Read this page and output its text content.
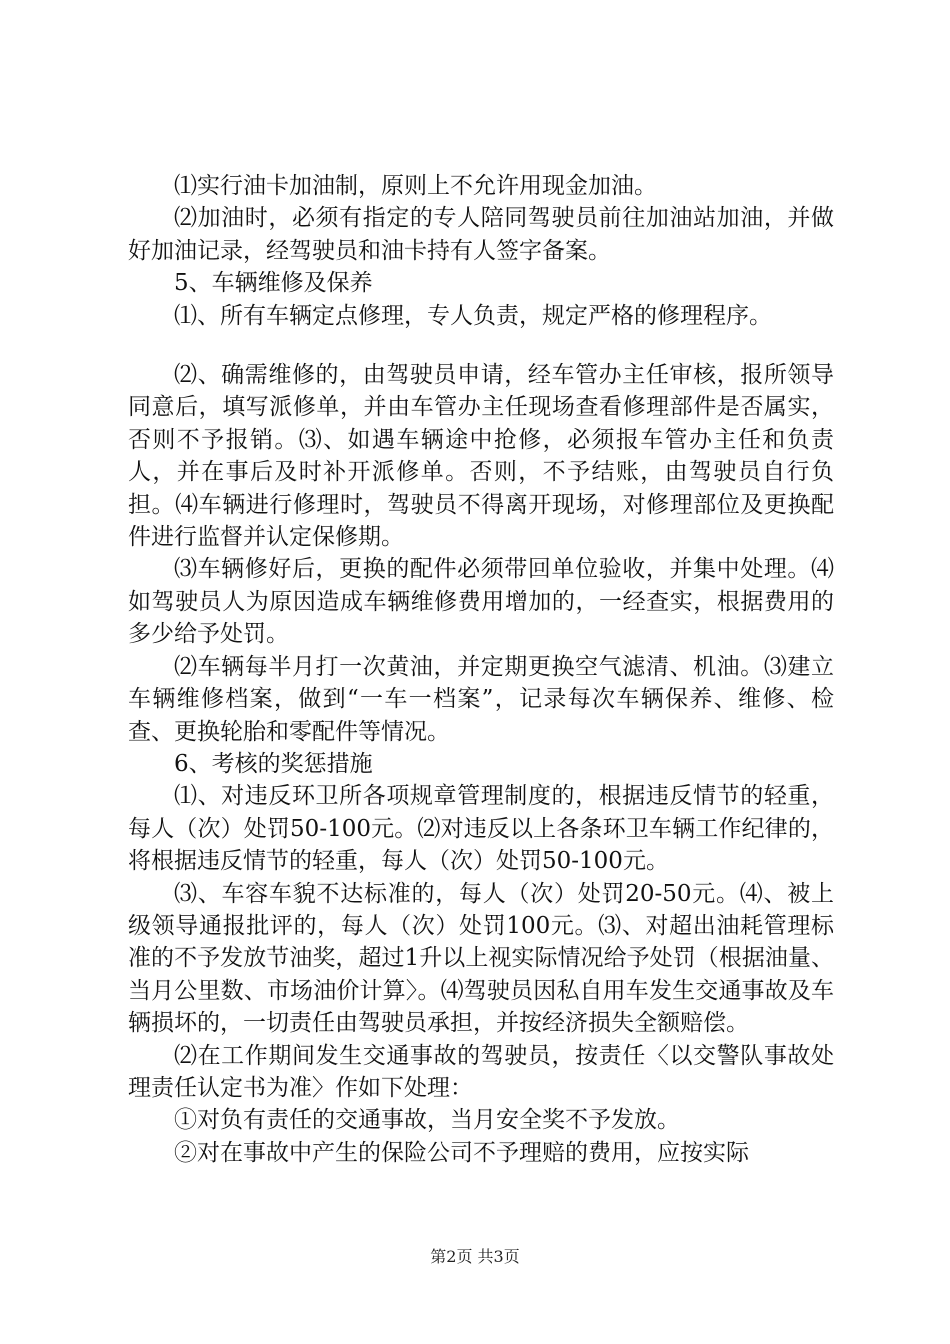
⑴实行油卡加油制，原则上不允许用现金加油。

⑵加油时，必须有指定的专人陪同驾驶员前往加油站加油，并做好加油记录，经驾驶员和油卡持有人签字备案。

5、车辆维修及保养

⑴、所有车辆定点修理，专人负责，规定严格的修理程序。

⑵、确需维修的，由驾驶员申请，经车管办主任审核，报所领导同意后，填写派修单，并由车管办主任现场查看修理部件是否属实，否则不予报销。⑶、如遇车辆途中抢修，必须报车管办主任和负责人，并在事后及时补开派修单。否则，不予结账，由驾驶员自行负担。⑷车辆进行修理时，驾驶员不得离开现场，对修理部位及更换配件进行监督并认定保修期。

⑶车辆修好后，更换的配件必须带回单位验收，并集中处理。⑷如驾驶员人为原因造成车辆维修费用增加的，一经查实，根据费用的多少给予处罚。

⑵车辆每半月打一次黄油，并定期更换空气滤清、机油。⑶建立车辆维修档案，做到“一车一档案”，记录每次车辆保养、维修、检查、更换轮胎和零配件等情况。

6、考核的奖惩措施

⑴、对违反环卫所各项规章管理制度的，根据违反情节的轻重，每人（次）处罚50-100元。⑵对违反以上各条环卫车辆工作纪律的，将根据违反情节的轻重，每人（次）处罚50-100元。

⑶、车容车貌不达标准的，每人（次）处罚20-50元。⑷、被上级领导通报批评的，每人（次）处罚100元。⑶、对超出油耗管理标准的不予发放节油奖，超过1升以上视实际情况给予处罚（根据油量、当月公里数、市场油价计算〉。⑷驾驶员因私自用车发生交通事故及车辆损坏的，一切责任由驾驶员承担，并按经济损失全额赔偿。

⑵在工作期间发生交通事故的驾驶员，按责任〈以交警队事故处理责任认定书为准〉作如下处理：

①对负有责任的交通事故，当月安全奖不予发放。

②对在事故中产生的保险公司不予理赔的费用，应按实际

第2页 共3页
